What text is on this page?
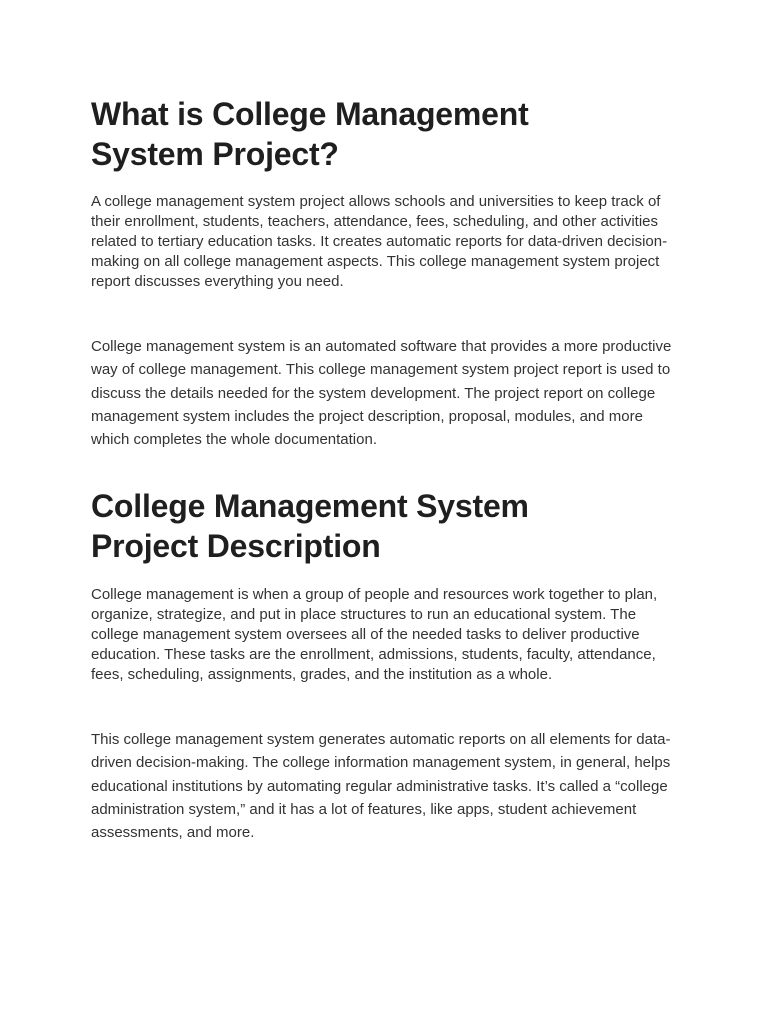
What is College Management System Project?

A college management system project allows schools and universities to keep track of their enrollment, students, teachers, attendance, fees, scheduling, and other activities related to tertiary education tasks. It creates automatic reports for data-driven decision-making on all college management aspects. This college management system project report discusses everything you need.

College management system is an automated software that provides a more productive way of college management. This college management system project report is used to discuss the details needed for the system development. The project report on college management system includes the project description, proposal, modules, and more which completes the whole documentation.

College Management System Project Description

College management is when a group of people and resources work together to plan, organize, strategize, and put in place structures to run an educational system. The college management system oversees all of the needed tasks to deliver productive education. These tasks are the enrollment, admissions, students, faculty, attendance, fees, scheduling, assignments, grades, and the institution as a whole.

This college management system generates automatic reports on all elements for data-driven decision-making. The college information management system, in general, helps educational institutions by automating regular administrative tasks. It’s called a “college administration system,” and it has a lot of features, like apps, student achievement assessments, and more.
